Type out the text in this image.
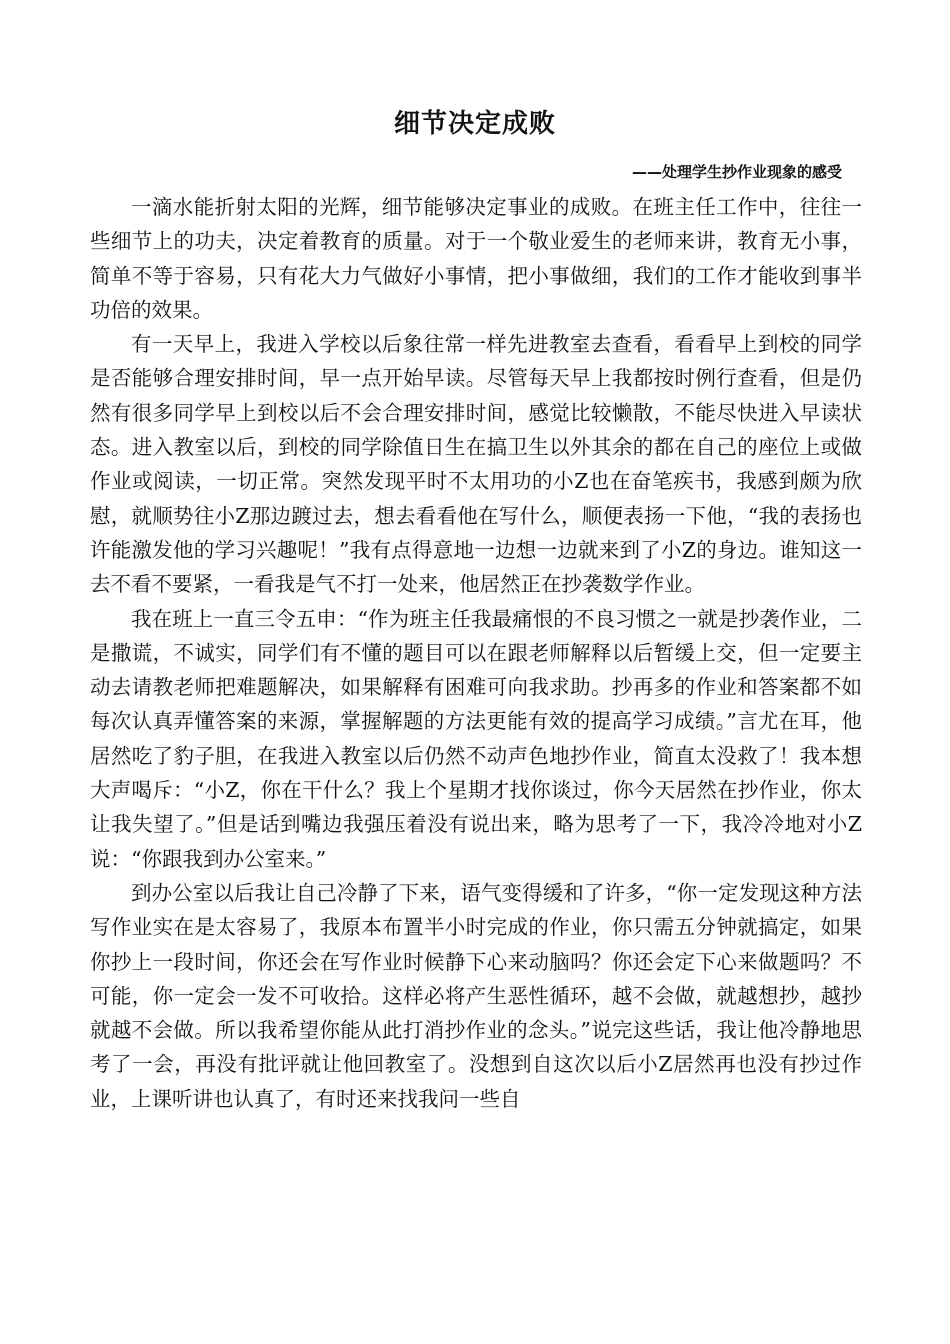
细节决定成败
——处理学生抄作业现象的感受

一滴水能折射太阳的光辉，细节能够决定事业的成败。在班主任工作中，往往一些细节上的功夫，决定着教育的质量。对于一个敬业爱生的老师来讲，教育无小事，简单不等于容易，只有花大力气做好小事情，把小事做细，我们的工作才能收到事半功倍的效果。

有一天早上，我进入学校以后象往常一样先进教室去查看，看看早上到校的同学是否能够合理安排时间，早一点开始早读。尽管每天早上我都按时例行查看，但是仍然有很多同学早上到校以后不会合理安排时间，感觉比较懒散，不能尽快进入早读状态。进入教室以后，到校的同学除值日生在搞卫生以外其余的都在自己的座位上或做作业或阅读，一切正常。突然发现平时不太用功的小Z也在奋笔疾书，我感到颇为欣慰，就顺势往小Z那边踱过去，想去看看他在写什么，顺便表扬一下他，“我的表扬也许能激发他的学习兴趣呢！”我有点得意地一边想一边就来到了小Z的身边。谁知这一去不看不要紧，一看我是气不打一处来，他居然正在抄袭数学作业。

我在班上一直三令五申：“作为班主任我最痛恨的不良习惯之一就是抄袭作业，二是撒谎，不诚实，同学们有不懂的题目可以在跟老师解释以后暂缓上交，但一定要主动去请教老师把难题解决，如果解释有困难可向我求助。抄再多的作业和答案都不如每次认真弄懂答案的来源，掌握解题的方法更能有效的提高学习成绩。”言尤在耳，他居然吃了豹子胆，在我进入教室以后仍然不动声色地抄作业，简直太没救了！我本想大声喝斥：“小Z，你在干什么？我上个星期才找你谈过，你今天居然在抄作业，你太让我失望了。”但是话到嘴边我强压着没有说出来，略为思考了一下，我冷冷地对小Z说：“你跟我到办公室来。”

到办公室以后我让自己冷静了下来，语气变得缓和了许多，“你一定发现这种方法写作业实在是太容易了，我原本布置半小时完成的作业，你只需五分钟就搞定，如果你抄上一段时间，你还会在写作业时候静下心来动脑吗？你还会定下心来做题吗？不可能，你一定会一发不可收拾。这样必将产生恶性循环，越不会做，就越想抄，越抄就越不会做。所以我希望你能从此打消抄作业的念头。”说完这些话，我让他冷静地思考了一会，再没有批评就让他回教室了。没想到自这次以后小Z居然再也没有抄过作业，上课听讲也认真了，有时还来找我问一些自
